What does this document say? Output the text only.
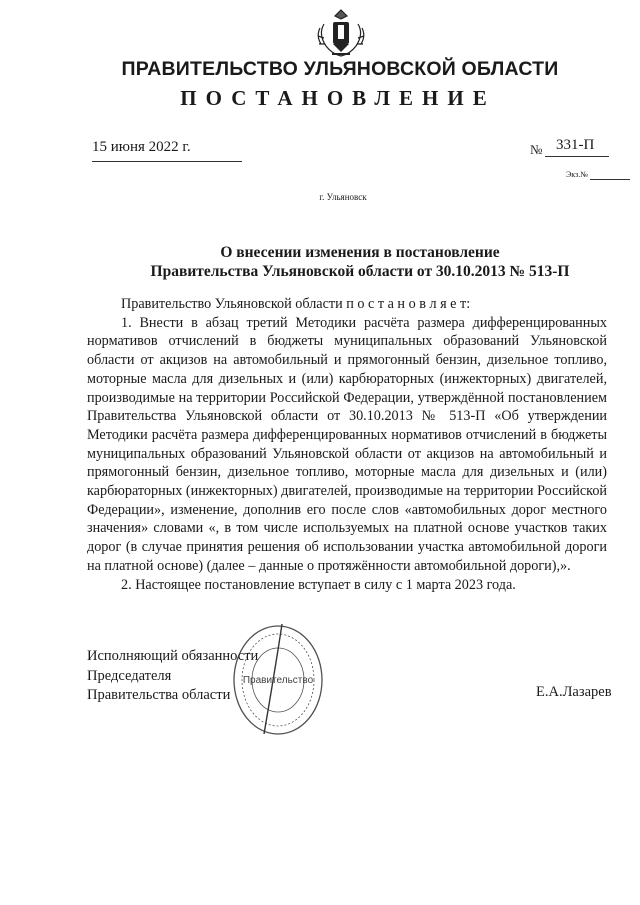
ПРАВИТЕЛЬСТВО УЛЬЯНОВСКОЙ ОБЛАСТИ
ПОСТАНОВЛЕНИЕ
15 июня 2022 г.	№ 331-П
Экз.№
г. Ульяновск
О внесении изменения в постановление
Правительства Ульяновской области от 30.10.2013 № 513-П

Правительство Ульяновской области п о с т а н о в л я е т:

1. Внести в абзац третий Методики расчёта размера дифференцированных нормативов отчислений в бюджеты муниципальных образований Ульяновской области от акцизов на автомобильный и прямогонный бензин, дизельное топливо, моторные масла для дизельных и (или) карбюраторных (инжекторных) двигателей, производимые на территории Российской Федерации, утверждённой постановлением Правительства Ульяновской области от 30.10.2013 № 513-П «Об утверждении Методики расчёта размера дифференцированных нормативов отчислений в бюджеты муниципальных образований Ульяновской области от акцизов на автомобильный и прямогонный бензин, дизельное топливо, моторные масла для дизельных и (или) карбюраторных (инжекторных) двигателей, производимые на территории Российской Федерации», изменение, дополнив его после слов «автомобильных дорог местного значения» словами «, в том числе используемых на платной основе участков таких дорог (в случае принятия решения об использовании участка автомобильной дороги на платной основе) (далее – данные о протяжённости автомобильной дороги),».

2. Настоящее постановление вступает в силу с 1 марта 2023 года.

Исполняющий обязанности
Председателя
Правительства области
Правительство
Е.А.Лазарев
